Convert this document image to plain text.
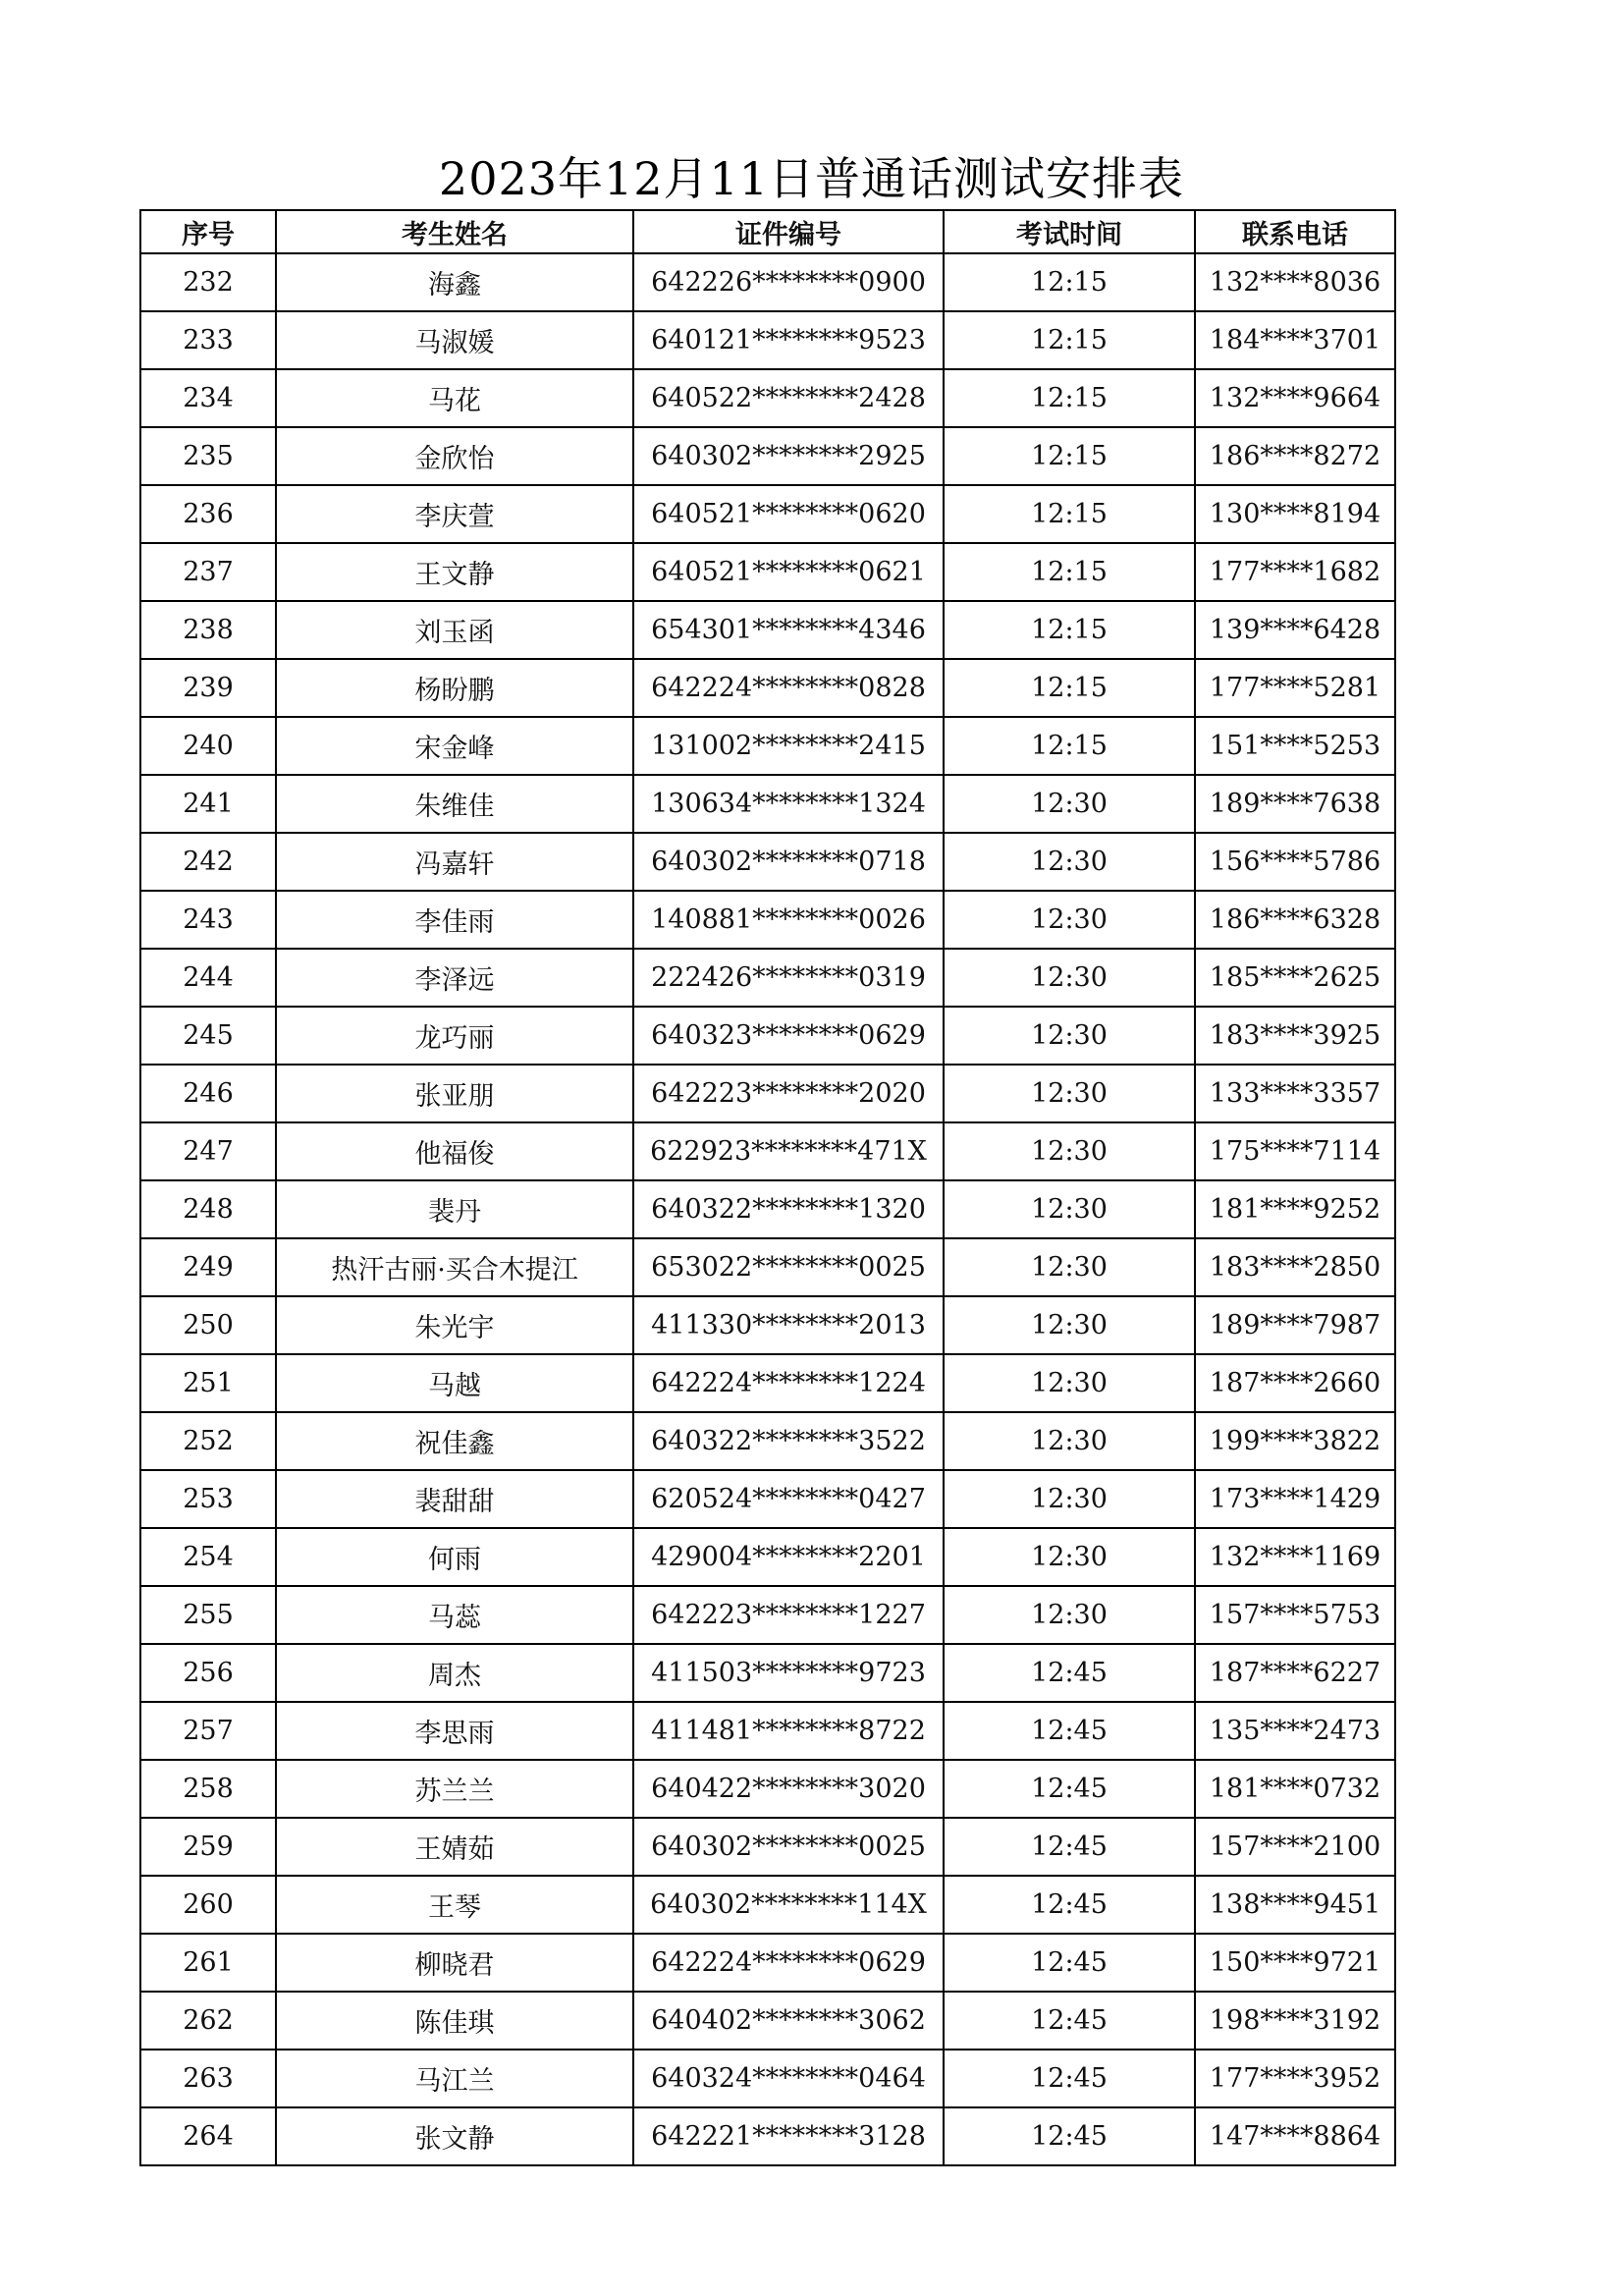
2023年12月11日普通话测试安排表
序号	考生姓名	证件编号	考试时间	联系电话
232	海鑫	642226********0900	12:15	132****8036
233	马淑媛	640121********9523	12:15	184****3701
234	马花	640522********2428	12:15	132****9664
235	金欣怡	640302********2925	12:15	186****8272
236	李庆萱	640521********0620	12:15	130****8194
237	王文静	640521********0621	12:15	177****1682
238	刘玉函	654301********4346	12:15	139****6428
239	杨盼鹏	642224********0828	12:15	177****5281
240	宋金峰	131002********2415	12:15	151****5253
241	朱维佳	130634********1324	12:30	189****7638
242	冯嘉轩	640302********0718	12:30	156****5786
243	李佳雨	140881********0026	12:30	186****6328
244	李泽远	222426********0319	12:30	185****2625
245	龙巧丽	640323********0629	12:30	183****3925
246	张亚朋	642223********2020	12:30	133****3357
247	他福俊	622923********471X	12:30	175****7114
248	裴丹	640322********1320	12:30	181****9252
249	热汗古丽·买合木提江	653022********0025	12:30	183****2850
250	朱光宇	411330********2013	12:30	189****7987
251	马越	642224********1224	12:30	187****2660
252	祝佳鑫	640322********3522	12:30	199****3822
253	裴甜甜	620524********0427	12:30	173****1429
254	何雨	429004********2201	12:30	132****1169
255	马蕊	642223********1227	12:30	157****5753
256	周杰	411503********9723	12:45	187****6227
257	李思雨	411481********8722	12:45	135****2473
258	苏兰兰	640422********3020	12:45	181****0732
259	王婧茹	640302********0025	12:45	157****2100
260	王琴	640302********114X	12:45	138****9451
261	柳晓君	642224********0629	12:45	150****9721
262	陈佳琪	640402********3062	12:45	198****3192
263	马江兰	640324********0464	12:45	177****3952
264	张文静	642221********3128	12:45	147****8864
